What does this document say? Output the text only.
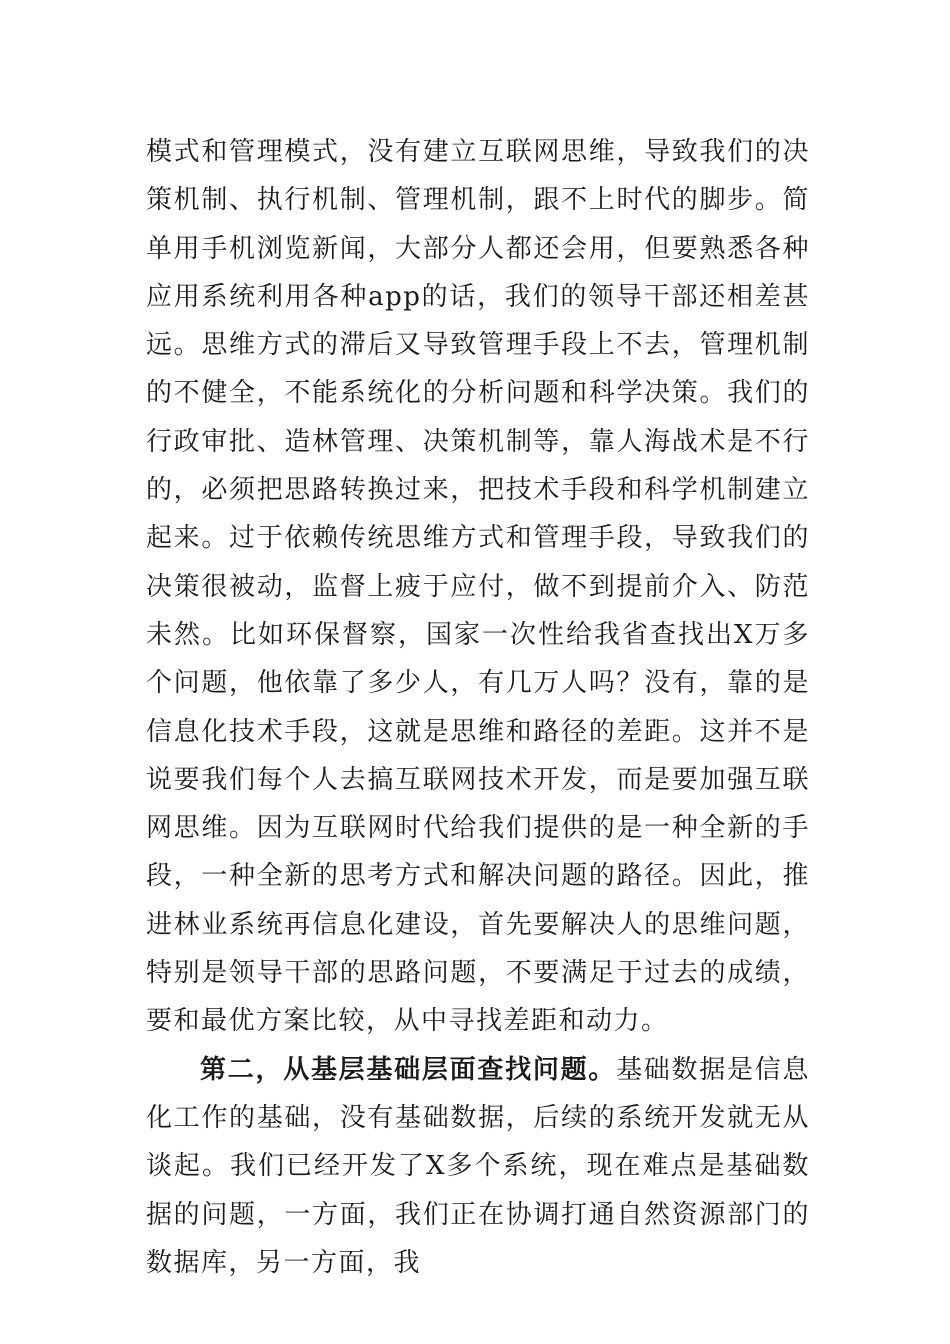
模式和管理模式，没有建立互联网思维，导致我们的决策机制、执行机制、管理机制，跟不上时代的脚步。简单用手机浏览新闻，大部分人都还会用，但要熟悉各种应用系统利用各种app的话，我们的领导干部还相差甚远。思维方式的滞后又导致管理手段上不去，管理机制的不健全，不能系统化的分析问题和科学决策。我们的行政审批、造林管理、决策机制等，靠人海战术是不行的，必须把思路转换过来，把技术手段和科学机制建立起来。过于依赖传统思维方式和管理手段，导致我们的决策很被动，监督上疲于应付，做不到提前介入、防范未然。比如环保督察，国家一次性给我省查找出X万多个问题，他依靠了多少人，有几万人吗？没有，靠的是信息化技术手段，这就是思维和路径的差距。这并不是说要我们每个人去搞互联网技术开发，而是要加强互联网思维。因为互联网时代给我们提供的是一种全新的手段，一种全新的思考方式和解决问题的路径。因此，推进林业系统再信息化建设，首先要解决人的思维问题，特别是领导干部的思路问题，不要满足于过去的成绩，要和最优方案比较，从中寻找差距和动力。

第二，从基层基础层面查找问题。基础数据是信息化工作的基础，没有基础数据，后续的系统开发就无从谈起。我们已经开发了X多个系统，现在难点是基础数据的问题，一方面，我们正在协调打通自然资源部门的数据库，另一方面，我
